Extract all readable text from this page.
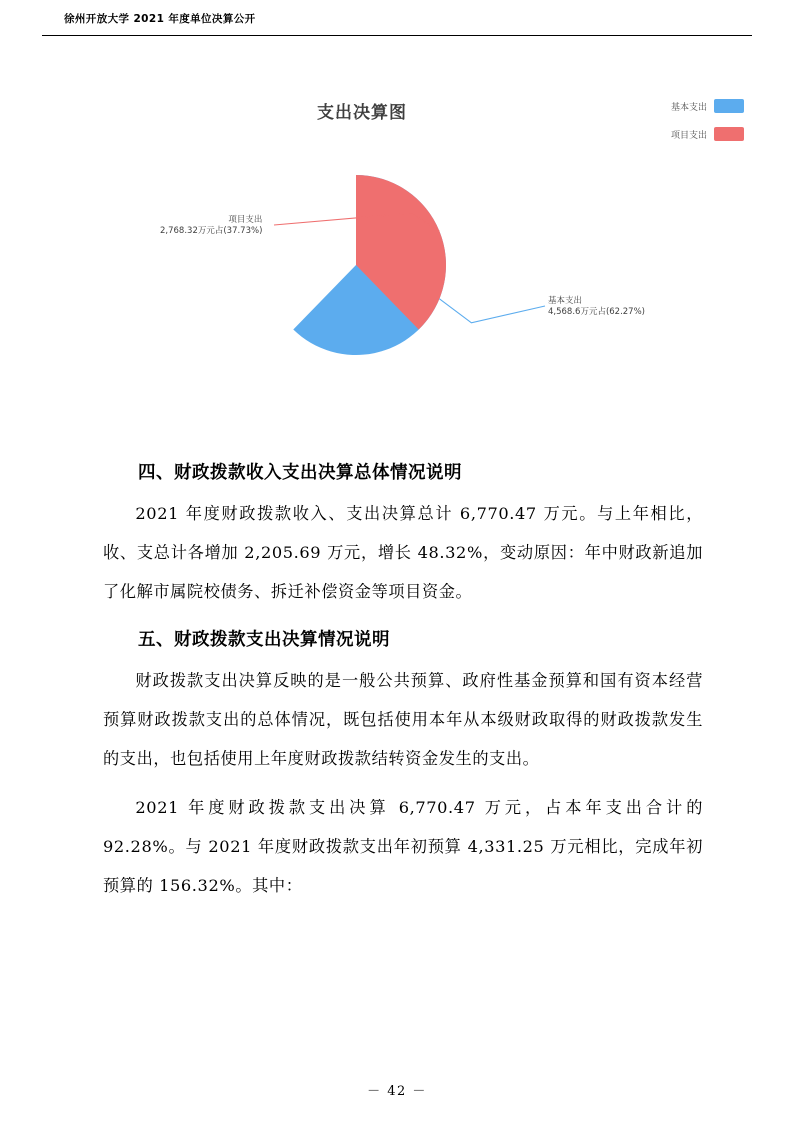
徐州开放大学 2021 年度单位决算公开
支出决算图	基本支出
项目支出
项目支出
2,768.32万元占(37.73%)
基本支出
4,568.6万元占(62.27%)
四、财政拨款收入支出决算总体情况说明

2021 年度财政拨款收入、支出决算总计 6,770.47 万元。与上年相比，收、支总计各增加 2,205.69 万元，增长 48.32%，变动原因：年中财政新追加了化解市属院校债务、拆迁补偿资金等项目资金。

五、财政拨款支出决算情况说明

财政拨款支出决算反映的是一般公共预算、政府性基金预算和国有资本经营预算财政拨款支出的总体情况，既包括使用本年从本级财政取得的财政拨款发生的支出，也包括使用上年度财政拨款结转资金发生的支出。

2021 年度财政拨款支出决算 6,770.47 万元，占本年支出合计的92.28%。与 2021 年度财政拨款支出年初预算 4,331.25 万元相比，完成年初预算的 156.32%。其中：

－ 42 －
